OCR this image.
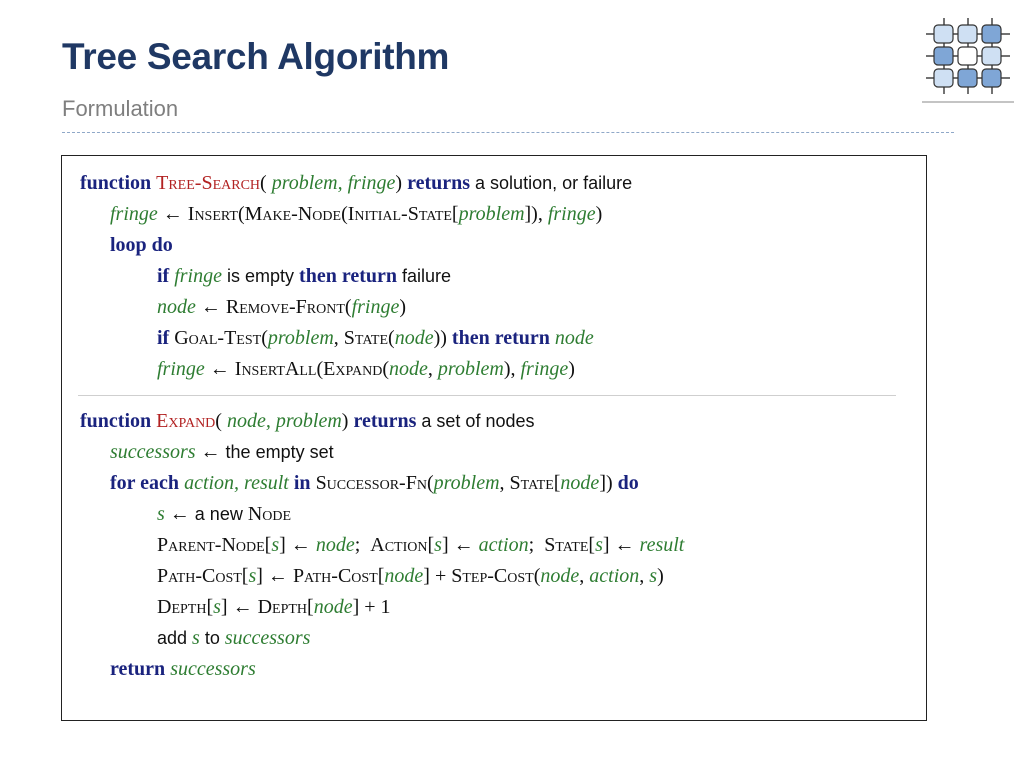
Tree Search Algorithm
Formulation
function Tree-Search( problem, fringe) returns a solution, or failure
fringe ← Insert(Make-Node(Initial-State[problem]), fringe)
loop do
if fringe is empty then return failure
node ← Remove-Front(fringe)
if Goal-Test(problem, State(node)) then return node
fringe ← InsertAll(Expand(node, problem), fringe)
function Expand( node, problem) returns a set of nodes
successors ← the empty set
for each action, result in Successor-Fn(problem, State[node]) do
s ← a new Node
Parent-Node[s] ← node;  Action[s] ← action;  State[s] ← result
Path-Cost[s] ← Path-Cost[node] + Step-Cost(node, action, s)
Depth[s] ← Depth[node] + 1
add s to successors
return successors
